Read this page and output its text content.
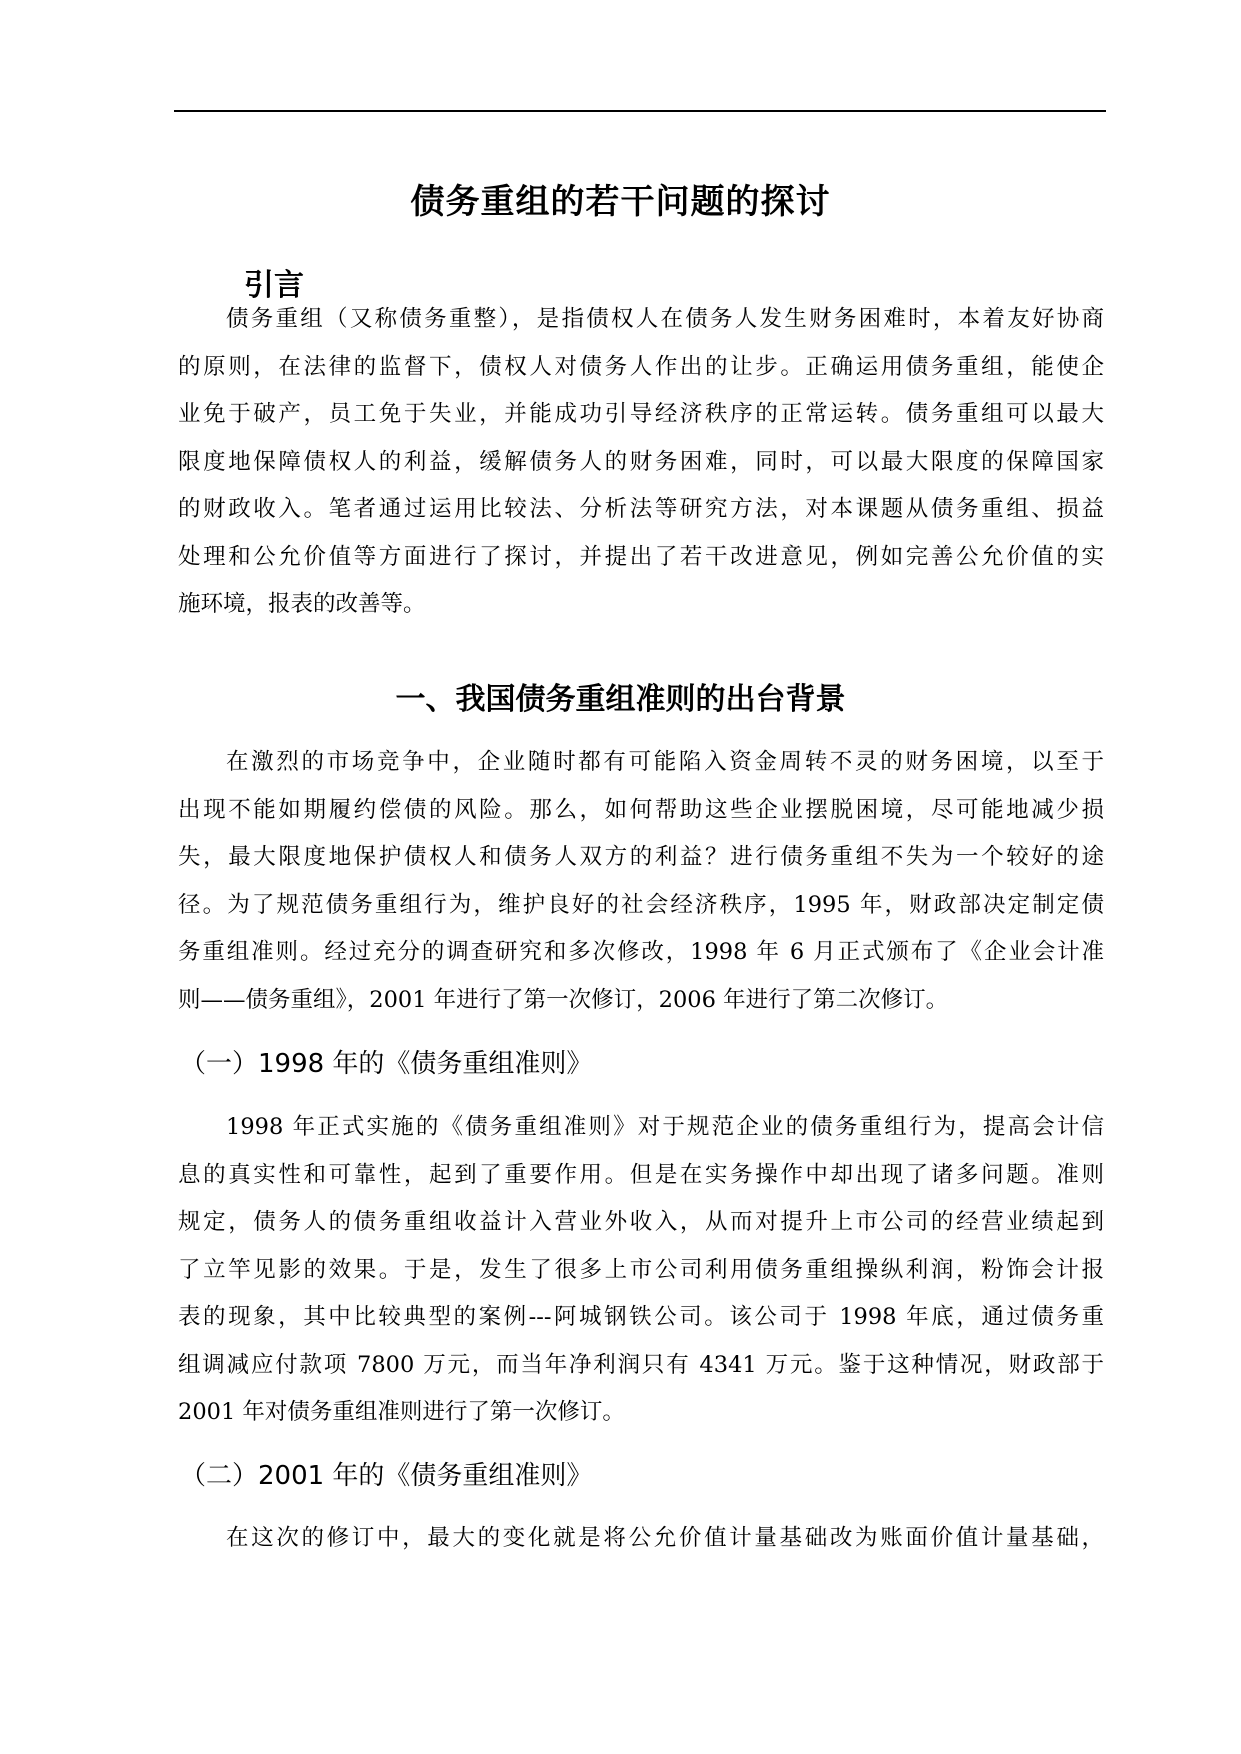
债务重组的若干问题的探讨
引言
债务重组（又称债务重整），是指债权人在债务人发生财务困难时，本着友好协商
的原则，在法律的监督下，债权人对债务人作出的让步。正确运用债务重组，能使企
业免于破产，员工免于失业，并能成功引导经济秩序的正常运转。债务重组可以最大
限度地保障债权人的利益，缓解债务人的财务困难，同时，可以最大限度的保障国家
的财政收入。笔者通过运用比较法、分析法等研究方法，对本课题从债务重组、损益
处理和公允价值等方面进行了探讨，并提出了若干改进意见，例如完善公允价值的实
施环境，报表的改善等。
一、我国债务重组准则的出台背景
在激烈的市场竞争中，企业随时都有可能陷入资金周转不灵的财务困境，以至于
出现不能如期履约偿债的风险。那么，如何帮助这些企业摆脱困境，尽可能地减少损
失，最大限度地保护债权人和债务人双方的利益？进行债务重组不失为一个较好的途
径。为了规范债务重组行为，维护良好的社会经济秩序，1995 年，财政部决定制定债
务重组准则。经过充分的调查研究和多次修改，1998 年 6 月正式颁布了《企业会计准
则——债务重组》，2001 年进行了第一次修订，2006 年进行了第二次修订。
（一）1998 年的《债务重组准则》
1998 年正式实施的《债务重组准则》对于规范企业的债务重组行为，提高会计信
息的真实性和可靠性，起到了重要作用。但是在实务操作中却出现了诸多问题。准则
规定，债务人的债务重组收益计入营业外收入，从而对提升上市公司的经营业绩起到
了立竿见影的效果。于是，发生了很多上市公司利用债务重组操纵利润，粉饰会计报
表的现象，其中比较典型的案例---阿城钢铁公司。该公司于 1998 年底，通过债务重
组调减应付款项 7800 万元，而当年净利润只有 4341 万元。鉴于这种情况，财政部于
2001 年对债务重组准则进行了第一次修订。
（二）2001 年的《债务重组准则》
在这次的修订中，最大的变化就是将公允价值计量基础改为账面价值计量基础，
